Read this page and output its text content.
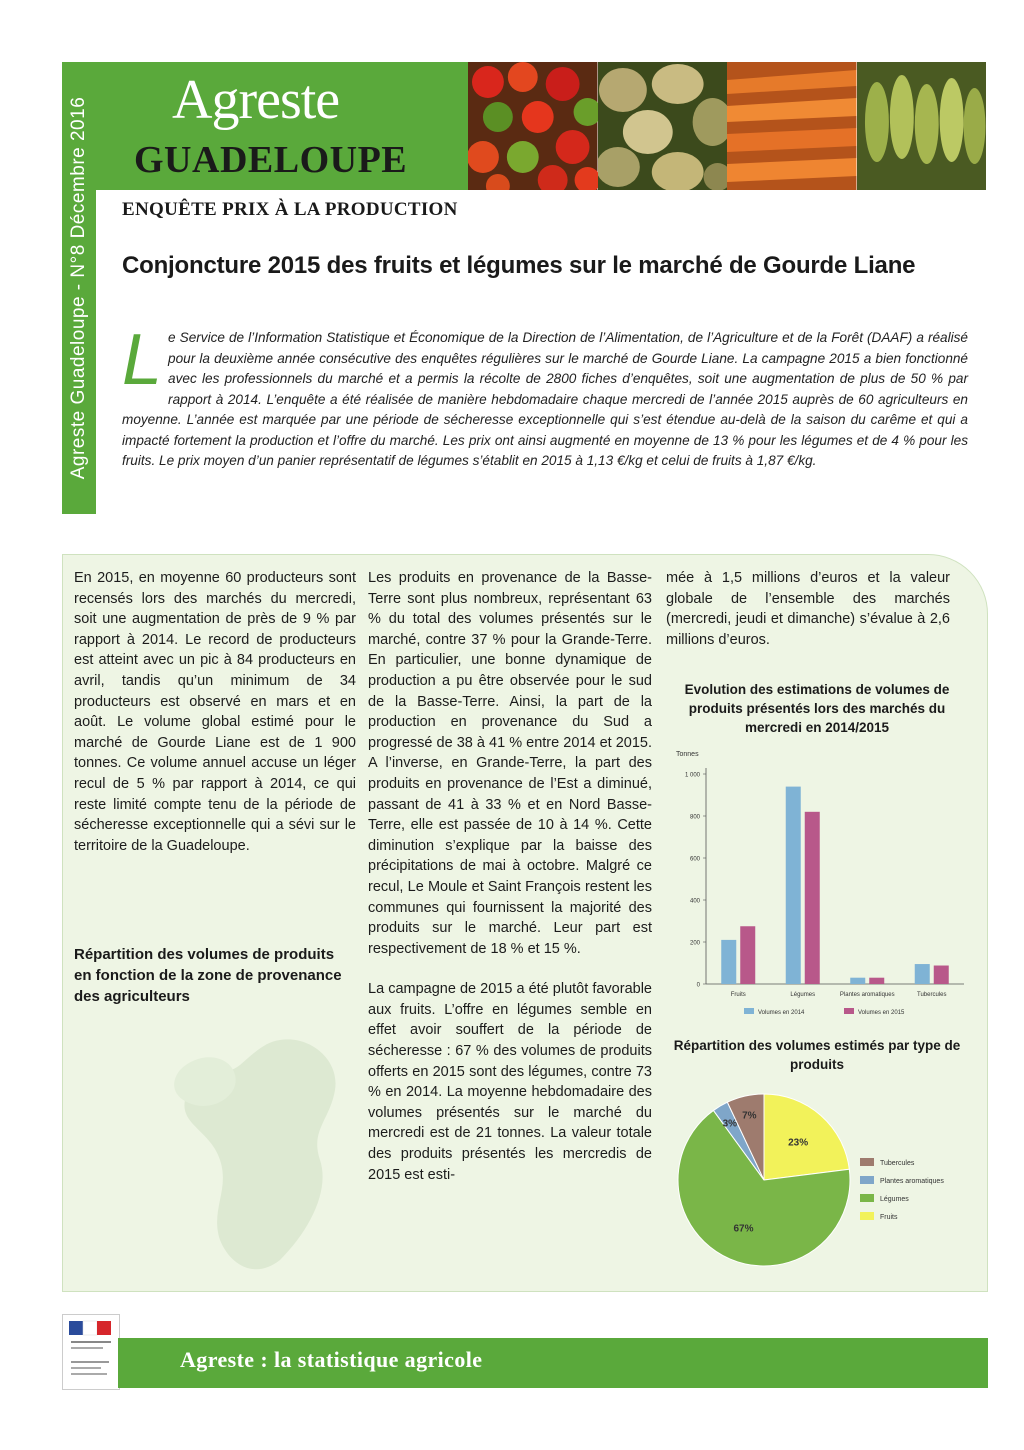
Agreste Guadeloupe - N°8 Décembre 2016 Agreste
GUADELOUPE
ENQUÊTE PRIX À LA PRODUCTION
Conjoncture 2015 des fruits et légumes sur le marché de Gourde Liane
Le Service de l’Information Statistique et Économique de la Direction de l’Alimentation, de l’Agriculture et de la Forêt (DAAF) a réalisé pour la deuxième année consécutive des enquêtes régulières sur le marché de Gourde Liane. La campagne 2015 a bien fonctionné avec les professionnels du marché et a permis la récolte de 2800 fiches d’enquêtes, soit une augmentation de plus de 50 % par rapport à 2014. L’enquête a été réalisée de manière hebdomadaire chaque mercredi de l’année 2015 auprès de 60 agriculteurs en moyenne. L’année est marquée par une période de sécheresse exceptionnelle qui s’est étendue au-delà de la saison du carême et qui a impacté fortement la production et l’offre du marché. Les prix ont ainsi augmenté en moyenne de 13 % pour les légumes et de 4 % pour les fruits. Le prix moyen d’un panier représentatif de légumes s’établit en 2015 à 1,13 €/kg et celui de fruits à 1,87 €/kg.

En 2015, en moyenne 60 producteurs sont recensés lors des marchés du mercredi, soit une augmentation de près de 9 % par rapport à 2014. Le record de producteurs est atteint avec un pic à 84 producteurs en avril, tandis qu’un minimum de 34 producteurs est observé en mars et en août. Le volume global estimé pour le marché de Gourde Liane est de 1 900 tonnes. Ce volume annuel accuse un léger recul de 5 % par rapport à 2014, ce qui reste limité compte tenu de la période de sécheresse exceptionnelle qui a sévi sur le territoire de la Guadeloupe.

Répartition des volumes de produits en fonction de la zone de provenance des agriculteurs

Les produits en provenance de la Basse-Terre sont plus nombreux, représentant 63 % du total des volumes présentés sur le marché, contre 37 % pour la Grande-Terre. En particulier, une bonne dynamique de production a pu être observée pour le sud de la Basse-Terre. Ainsi, la part de la production en provenance du Sud a progressé de 38 à 41 % entre 2014 et 2015. A l’inverse, en Grande-Terre, la part des produits en provenance de l’Est a diminué, passant de 41 à 33 % et en Nord Basse-Terre, elle est passée de 10 à 14 %. Cette diminution s’explique par la baisse des précipitations de mai à octobre. Malgré ce recul, Le Moule et Saint François restent les communes qui fournissent la majorité des produits sur le marché. Leur part est respectivement de 18 % et 15 %.

La campagne de 2015 a été plutôt favorable aux fruits. L’offre en légumes semble en effet avoir souffert de la période de sécheresse : 67 % des volumes de produits offerts en 2015 sont des légumes, contre 73 % en 2014. La moyenne hebdomadaire des volumes présentés sur le marché du mercredi est de 21 tonnes. La valeur totale des produits présentés les mercredis de 2015 est esti-

mée à 1,5 millions d’euros et la valeur globale de l’ensemble des marchés (mercredi, jeudi et dimanche) s’évalue à 2,6 millions d’euros.

Evolution des estimations de volumes de produits présentés lors des marchés du mercredi en 2014/2015
Tonnes
0
200
400
600
800
1 000
Fruits	Légumes	Plantes aromatiques	Tubercules
Volumes en 2014	Volumes en 2015
Répartition des volumes estimés par type de produits
23%
67%
3%
7%
Tubercules
Plantes aromatiques
Légumes
Fruits
Agreste : la statistique agricole
